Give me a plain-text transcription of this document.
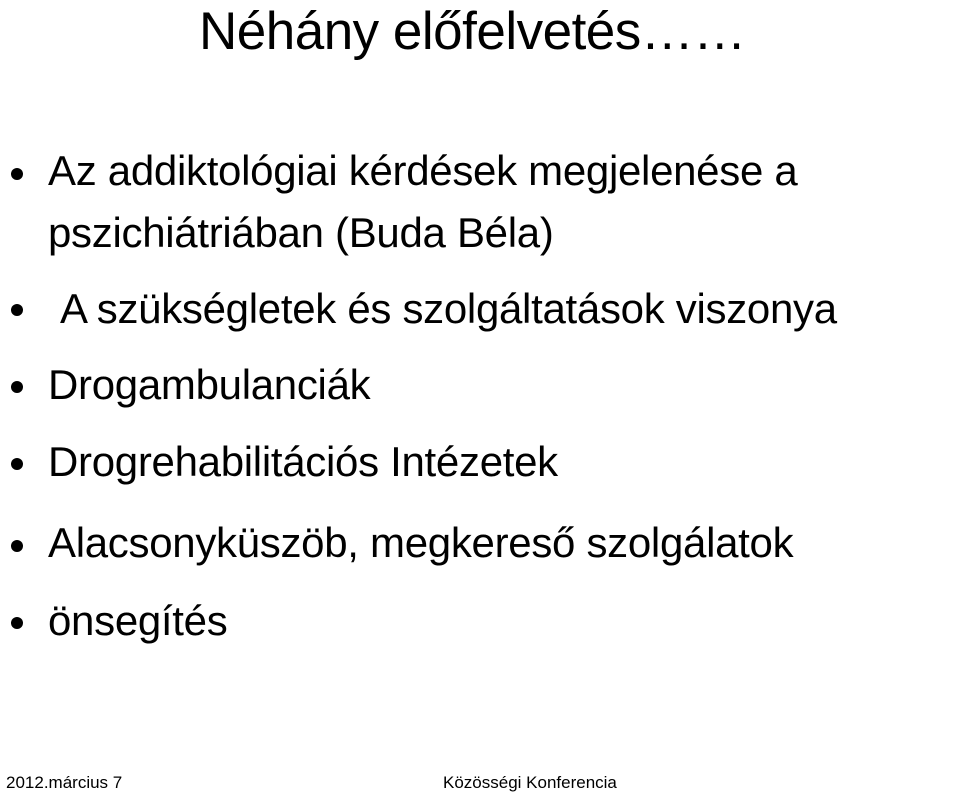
Néhány előfelvetés……
Az addiktológiai kérdések megjelenése a
pszichiátriában (Buda Béla)
A szükségletek és szolgáltatások viszonya
Drogambulanciák
Drogrehabilitációs Intézetek
Alacsonyküszöb, megkereső szolgálatok
önsegítés
2012.március 7	Közösségi Konferencia
